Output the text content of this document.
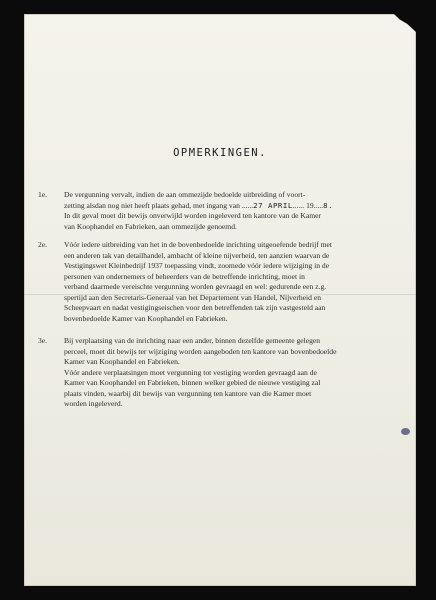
OPMERKINGEN.
1e. De vergunning vervalt, indien de aan ommezijde bedoelde uitbreiding of voort-
zetting alsdan nog niet heeft plaats gehad, met ingang van ......27 APRIL...... 19.....8.
In dit geval moet dit bewijs onverwijld worden ingeleverd ten kantore van de Kamer
van Koophandel en Fabrieken, aan ommezijde genoemd.
2e. Vóór iedere uitbreiding van het in de bovenbedoelde inrichting uitgeoefende bedrijf met
een anderen tak van detailhandel, ambacht of kleine nijverheid, ten aanzien waarvan de
Vestigingswet Kleinbedrijf 1937 toepassing vindt, zoomede vóór iedere wijziging in de
personen van ondernemers of beheerders van de betreffende inrichting, moet in
verband daarmede vereischte vergunning worden gevraagd en wel: gedurende een z.g.
spertijd aan den Secretaris-Generaal van het Departement van Handel, Nijverheid en
Scheepvaart en nadat vestigingseischen voor den betreffenden tak zijn vastgesteld aan
bovenbedoelde Kamer van Koophandel en Fabrieken.
3e. Bij verplaatsing van de inrichting naar een ander, binnen dezelfde gemeente gelegen
perceel, moet dit bewijs ter wijziging worden aangeboden ten kantore van bovenbedoelde
Kamer van Koophandel en Fabrieken.
Vóór andere verplaatsingen moet vergunning tot vestiging worden gevraagd aan de
Kamer van Koophandel en Fabrieken, binnen welker gebied de nieuwe vestiging zal
plaats vinden, waarbij dit bewijs van vergunning ten kantore van die Kamer moet
worden ingeleverd.
